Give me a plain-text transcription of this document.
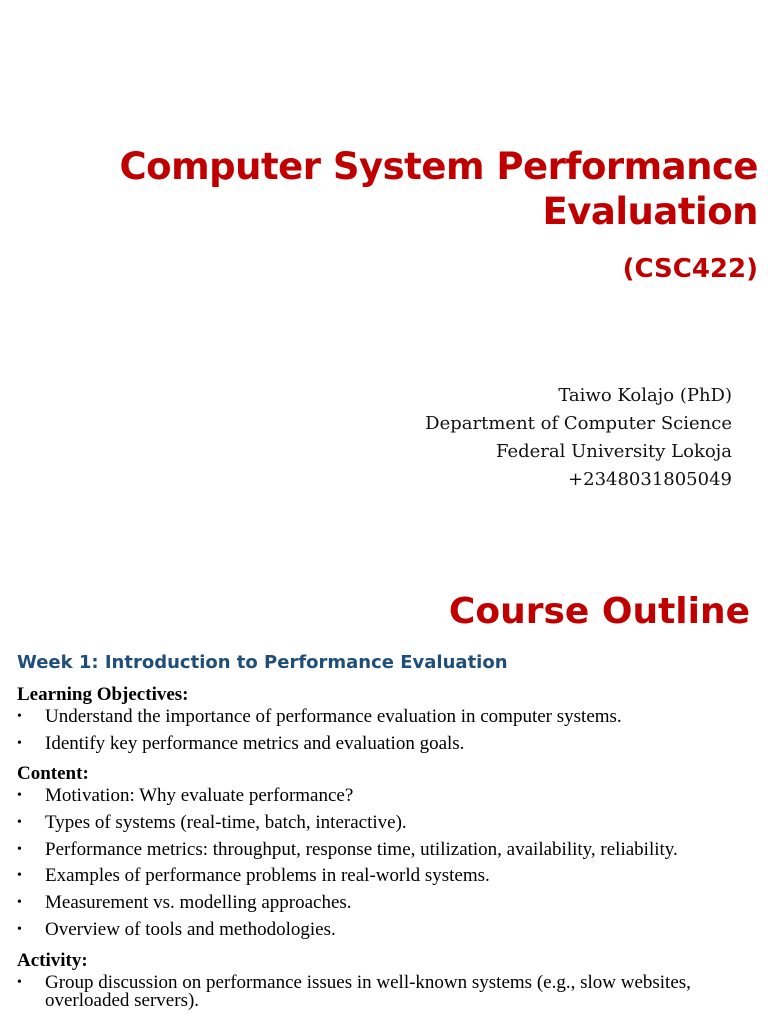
Computer System Performance Evaluation
(CSC422)
Taiwo Kolajo (PhD)
Department of Computer Science
Federal University Lokoja
+2348031805049
Course Outline
Week 1: Introduction to Performance Evaluation
Learning Objectives:
• Understand the importance of performance evaluation in computer systems.
• Identify key performance metrics and evaluation goals.
Content:
• Motivation: Why evaluate performance?
• Types of systems (real-time, batch, interactive).
• Performance metrics: throughput, response time, utilization, availability, reliability.
• Examples of performance problems in real-world systems.
• Measurement vs. modelling approaches.
• Overview of tools and methodologies.
Activity:
• Group discussion on performance issues in well-known systems (e.g., slow websites, overloaded servers).
